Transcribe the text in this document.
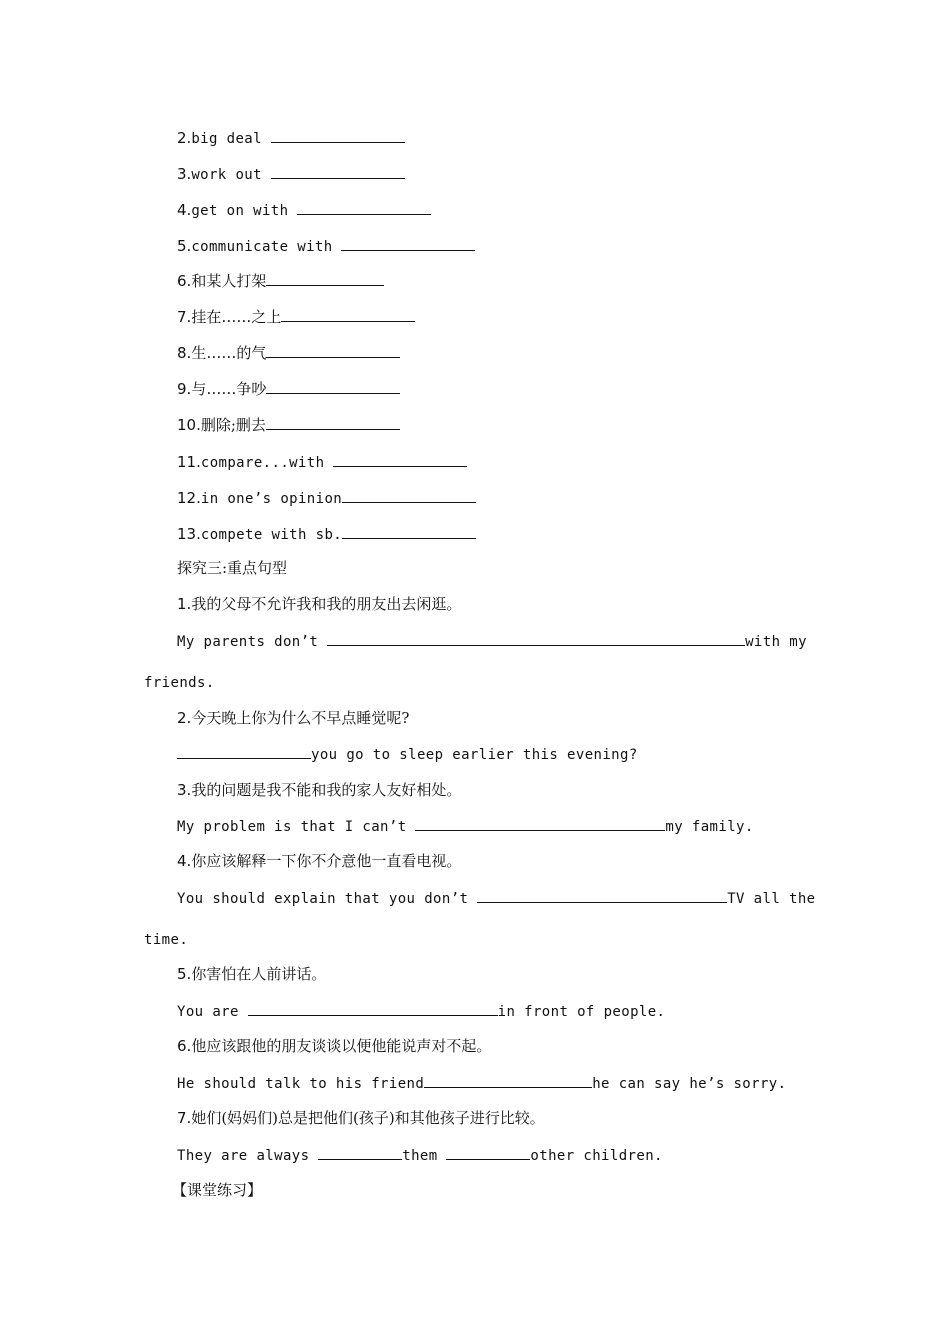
2.big deal
3.work out
4.get on with
5.communicate with
6.和某人打架
7.挂在……之上
8.生……的气
9.与……争吵
10.删除;删去
11.compare...with
12.in one’s opinion
13.compete with sb.
探究三:重点句型
1.我的父母不允许我和我的朋友出去闲逛。
My parents don’t	with my
friends.
2.今天晚上你为什么不早点睡觉呢?
you go to sleep earlier this evening?
3.我的问题是我不能和我的家人友好相处。
My problem is that I can’t	my family.
4.你应该解释一下你不介意他一直看电视。
You should explain that you don’t	TV all the
time.
5.你害怕在人前讲话。
You are	in front of people.
6.他应该跟他的朋友谈谈以便他能说声对不起。
He should talk to his friend	he can say he’s sorry.
7.她们(妈妈们)总是把他们(孩子)和其他孩子进行比较。
They are always	them	other children.
【课堂练习】
